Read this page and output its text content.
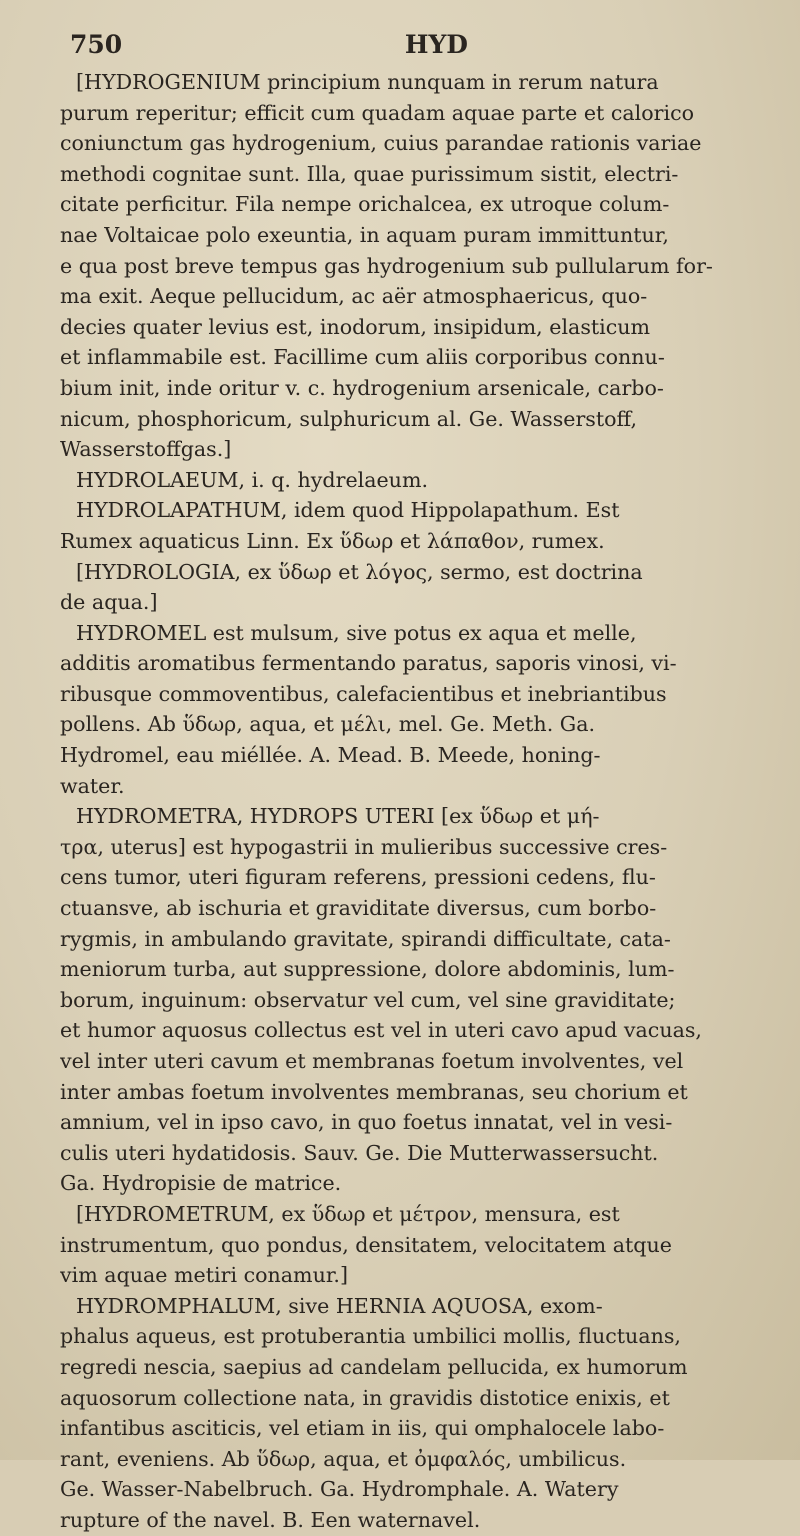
750	HYD

[HYDROGENIUM principium nunquam in rerum natura
purum reperitur; efficit cum quadam aquae parte et calorico
coniunctum gas hydrogenium, cuius parandae rationis variae
methodi cognitae sunt. Illa, quae purissimum sistit, electri-
citate perficitur. Fila nempe orichalcea, ex utroque colum-
nae Voltaicae polo exeuntia, in aquam puram immittuntur,
e qua post breve tempus gas hydrogenium sub pullularum for-
ma exit. Aeque pellucidum, ac aër atmosphaericus, quo-
decies quater levius est, inodorum, insipidum, elasticum
et inflammabile est. Facillime cum aliis corporibus connu-
bium init, inde oritur v. c. hydrogenium arsenicale, carbo-
nicum, phosphoricum, sulphuricum al. Ge. Wasserstoff,
Wasserstoffgas.]

HYDROLAEUM, i. q. hydrelaeum.

HYDROLAPATHUM, idem quod Hippolapathum. Est
Rumex aquaticus Linn. Ex ὕδωρ et λάπαθον, rumex.

[HYDROLOGIA, ex ὕδωρ et λόγος, sermo, est doctrina
de aqua.]

HYDROMEL est mulsum, sive potus ex aqua et melle,
additis aromatibus fermentando paratus, saporis vinosi, vi-
ribusque commoventibus, calefacientibus et inebriantibus
pollens. Ab ὕδωρ, aqua, et μέλι, mel. Ge. Meth. Ga.
Hydromel, eau miéllée. A. Mead. B. Meede, honing-
water.

HYDROMETRA, HYDROPS UTERI [ex ὕδωρ et μή-
τρα, uterus] est hypogastrii in mulieribus successive cres-
cens tumor, uteri figuram referens, pressioni cedens, flu-
ctuansve, ab ischuria et graviditate diversus, cum borbo-
rygmis, in ambulando gravitate, spirandi difficultate, cata-
meniorum turba, aut suppressione, dolore abdominis, lum-
borum, inguinum: observatur vel cum, vel sine graviditate;
et humor aquosus collectus est vel in uteri cavo apud vacuas,
vel inter uteri cavum et membranas foetum involventes, vel
inter ambas foetum involventes membranas, seu chorium et
amnium, vel in ipso cavo, in quo foetus innatat, vel in vesi-
culis uteri hydatidosis. Sauv. Ge. Die Mutterwassersucht.
Ga. Hydropisie de matrice.

[HYDROMETRUM, ex ὕδωρ et μέτρον, mensura, est
instrumentum, quo pondus, densitatem, velocitatem atque
vim aquae metiri conamur.]

HYDROMPHALUM, sive HERNIA AQUOSA, exom-
phalus aqueus, est protuberantia umbilici mollis, fluctuans,
regredi nescia, saepius ad candelam pellucida, ex humorum
aquosorum collectione nata, in gravidis distotice enixis, et
infantibus asciticis, vel etiam in iis, qui omphalocele labo-
rant, eveniens. Ab ὕδωρ, aqua, et ὀμφαλός, umbilicus.
Ge. Wasser-Nabelbruch. Ga. Hydromphale. A. Watery
rupture of the navel. B. Een waternavel.
